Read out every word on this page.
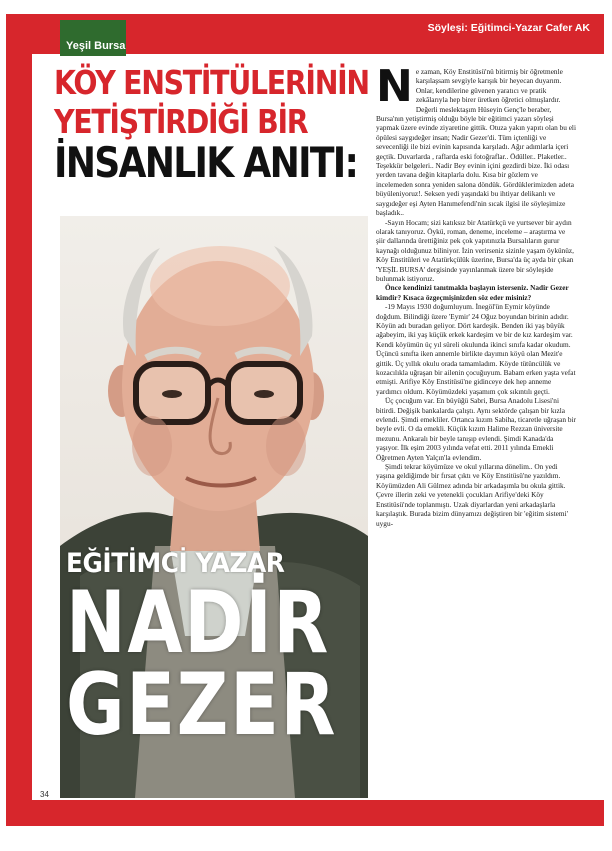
Yeşil Bursa
Söyleşi: Eğitimci-Yazar Cafer AK
KÖY ENSTİTÜLERİNİN
YETİŞTİRDİĞİ BİR
İNSANLIK ANITI:
EĞİTİMCİ YAZAR
NADİR
GEZER
N e zaman, Köy Enstitüsü'nü bitirmiş bir öğretmenle karşılaşsam sevgiyle karışık bir heyecan duyarım. Onlar, kendilerine güvenen yaratıcı ve pratik zekâlarıyla hep birer üretken öğretici olmuşlardır. Değerli meslektaşım Hüseyin Genç'le beraber, Bursa'nın yetiştirmiş olduğu böyle bir eğitimci yazarı söyleşi yapmak üzere evinde ziyaretine gittik. Otuza yakın yapıtı olan bu eli öpülesi saygıdeğer insan; Nadir Gezer'di. Tüm içtenliği ve sevecenliği ile bizi evinin kapısında karşıladı. Ağır adımlarla içeri geçtik. Duvarlarda , raflarda eski fotoğraflar.. Ödüller.. Plaketler.. Teşekkür belgeleri.. Nadir Bey evinin içini gezdirdi bize. İki odası yerden tavana değin kitaplarla dolu. Kısa bir gözlem ve incelemeden sonra yeniden salona döndük. Gördüklerimizden adeta büyüleniyoruz!. Seksen yedi yaşındaki bu ihtiyar delikanlı ve saygıdeğer eşi Ayten Hanımefendi'nin sıcak ilgisi ile söyleşimize başladık..

-Sayın Hocam; sizi katıksız bir Atatürkçü ve yurtsever bir aydın olarak tanıyoruz. Öykü, roman, deneme, inceleme – araştırma ve şiir dallarında ürettiğiniz pek çok yapıtınızla Bursalıların gurur kaynağı olduğunuz biliniyor. İzin verirseniz sizinle yaşam öykünüz, Köy Enstitüleri ve Atatürkçülük üzerine, Bursa'da üç ayda bir çıkan 'YEŞİL BURSA' dergisinde yayınlanmak üzere bir söyleşide bulunmak istiyoruz.

Önce kendinizi tanıtmakla başlayın isterseniz. Nadir Gezer kimdir? Kısaca özgeçmişinizden söz eder misiniz?

-19 Mayıs 1930 doğumluyum. İnegöl'ün Eymir köyünde doğdum. Bilindiği üzere 'Eymir' 24 Oğuz boyundan birinin adıdır. Köyün adı buradan geliyor. Dört kardeşik. Benden iki yaş büyük ağabeyim, iki yaş küçük erkek kardeşim ve bir de kız kardeşim var. Kendi köyümün üç yıl süreli okulunda ikinci sınıfa kadar okudum. Üçüncü sınıfta iken annemle birlikte dayımın köyü olan Mezit'e gittik. Üç yıllık okulu orada tamamladım. Köyde tütüncülük ve kozacılıkla uğraşan bir ailenin çocuğuyum. Babam erken yaşta vefat etmişti. Arifiye Köy Enstitüsü'ne gidinceye dek hep anneme yardımcı oldum. Köyümüzdeki yaşamım çok sıkıntılı geçti.

Üç çocuğum var. En büyüğü Sabri, Bursa Anadolu Lisesi'ni bitirdi. Değişik bankalarda çalıştı. Aynı sektörde çalışan bir kızla evlendi. Şimdi emekliler. Ortanca kızım Sabiha, ticaretle uğraşan bir beyle evli. O da emekli. Küçük kızım Halime Rezzan üniversite mezunu. Ankaralı bir beyle tanışıp evlendi. Şimdi Kanada'da yaşıyor. İlk eşim 2003 yılında vefat etti. 2011 yılında Emekli Öğretmen Ayten Yalçın'la evlendim.

Şimdi tekrar köyümüze ve okul yıllarına dönelim.. On yedi yaşına geldiğimde bir fırsat çıktı ve Köy Enstitüsü'ne yazıldım. Köyümüzden Ali Gülmez adında bir arkadaşımla bu okula gittik. Çevre illerin zeki ve yetenekli çocukları Arifiye'deki Köy Enstitüsü'nde toplanmıştı. Uzak diyarlardan yeni arkadaşlarla karşılaştık. Burada bizim dünyamızı değiştiren bir 'eğitim sistemi' uygu-

34
